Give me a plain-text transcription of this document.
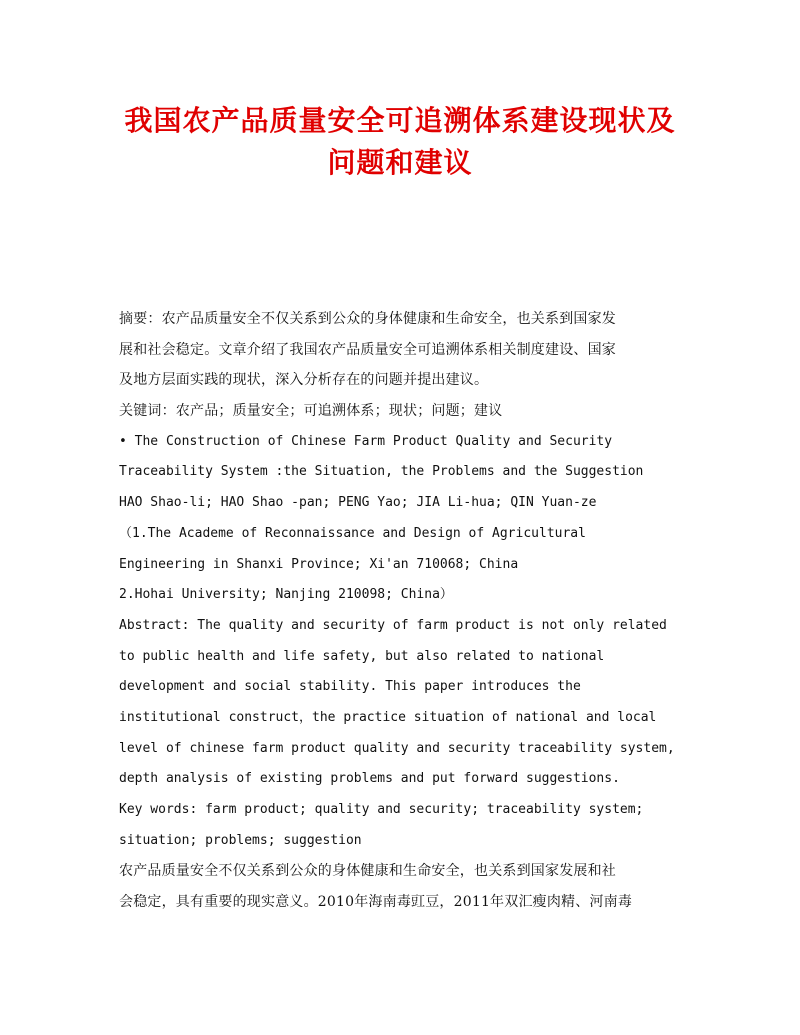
我国农产品质量安全可追溯体系建设现状及
问题和建议
摘要：农产品质量安全不仅关系到公众的身体健康和生命安全，也关系到国家发
展和社会稳定。文章介绍了我国农产品质量安全可追溯体系相关制度建设、国家
及地方层面实践的现状，深入分析存在的问题并提出建议。
关键词：农产品；质量安全；可追溯体系；现状；问题；建议
• The Construction of Chinese Farm Product Quality and Security
Traceability System :the Situation, the Problems and the Suggestion
HAO Shao-li; HAO Shao -pan; PENG Yao; JIA Li-hua; QIN Yuan-ze
（1.The Academe of Reconnaissance and Design of Agricultural
Engineering in Shanxi Province; Xi'an 710068; China
2.Hohai University; Nanjing 210098; China）
Abstract: The quality and security of farm product is not only related
to public health and life safety, but also related to national
development and social stability. This paper introduces the
institutional construct，the practice situation of national and local
level of chinese farm product quality and security traceability system,
depth analysis of existing problems and put forward suggestions.
Key words: farm product; quality and security; traceability system;
situation; problems; suggestion
农产品质量安全不仅关系到公众的身体健康和生命安全，也关系到国家发展和社
会稳定，具有重要的现实意义。2010年海南毒豇豆，2011年双汇瘦肉精、河南毒
